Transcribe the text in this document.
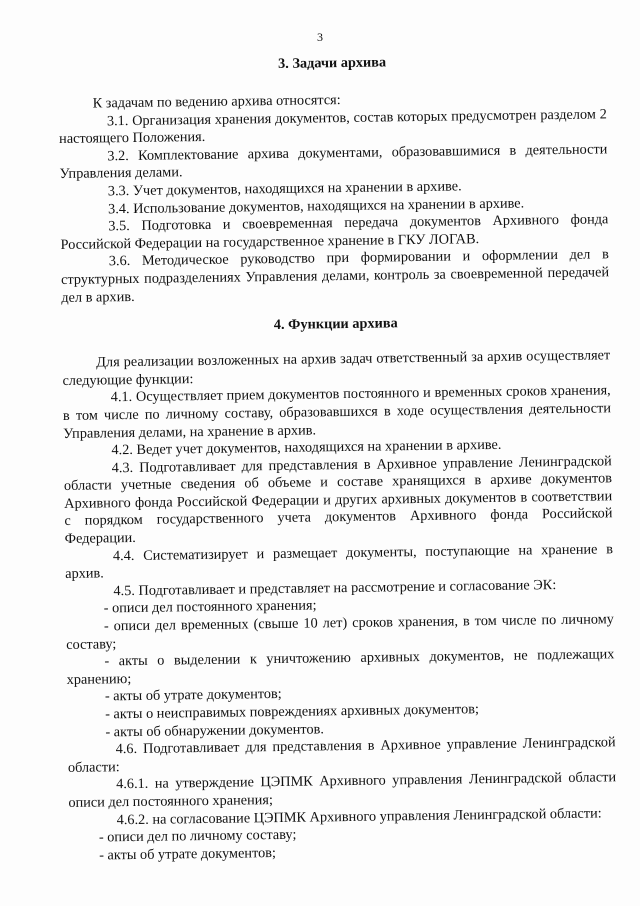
3
3. Задачи архива

К задачам по ведению архива относятся:

3.1. Организация хранения документов, состав которых предусмотрен разделом 2 настоящего Положения.

3.2. Комплектование архива документами, образовавшимися в деятельности Управления делами.

3.3. Учет документов, находящихся на хранении в архиве.

3.4. Использование документов, находящихся на хранении в архиве.

3.5. Подготовка и своевременная передача документов Архивного фонда Российской Федерации на государственное хранение в ГКУ ЛОГАВ.

3.6. Методическое руководство при формировании и оформлении дел в структурных подразделениях Управления делами, контроль за своевременной передачей дел в архив.

4. Функции архива

Для реализации возложенных на архив задач ответственный за архив осуществляет следующие функции:

4.1. Осуществляет прием документов постоянного и временных сроков хранения, в том числе по личному составу, образовавшихся в ходе осуществления деятельности Управления делами, на хранение в архив.

4.2. Ведет учет документов, находящихся на хранении в архиве.

4.3. Подготавливает для представления в Архивное управление Ленинградской области учетные сведения об объеме и составе хранящихся в архиве документов Архивного фонда Российской Федерации и других архивных документов в соответствии с порядком государственного учета документов Архивного фонда Российской Федерации.

4.4. Систематизирует и размещает документы, поступающие на хранение в архив.

4.5. Подготавливает и представляет на рассмотрение и согласование ЭК:

- описи дел постоянного хранения;

- описи дел временных (свыше 10 лет) сроков хранения, в том числе по личному составу;

- акты о выделении к уничтожению архивных документов, не подлежащих хранению;

- акты об утрате документов;

- акты о неисправимых повреждениях архивных документов;

- акты об обнаружении документов.

4.6. Подготавливает для представления в Архивное управление Ленинградской области:

4.6.1. на утверждение ЦЭПМК Архивного управления Ленинградской области описи дел постоянного хранения;

4.6.2. на согласование ЦЭПМК Архивного управления Ленинградской области:

- описи дел по личному составу;

- акты об утрате документов;
